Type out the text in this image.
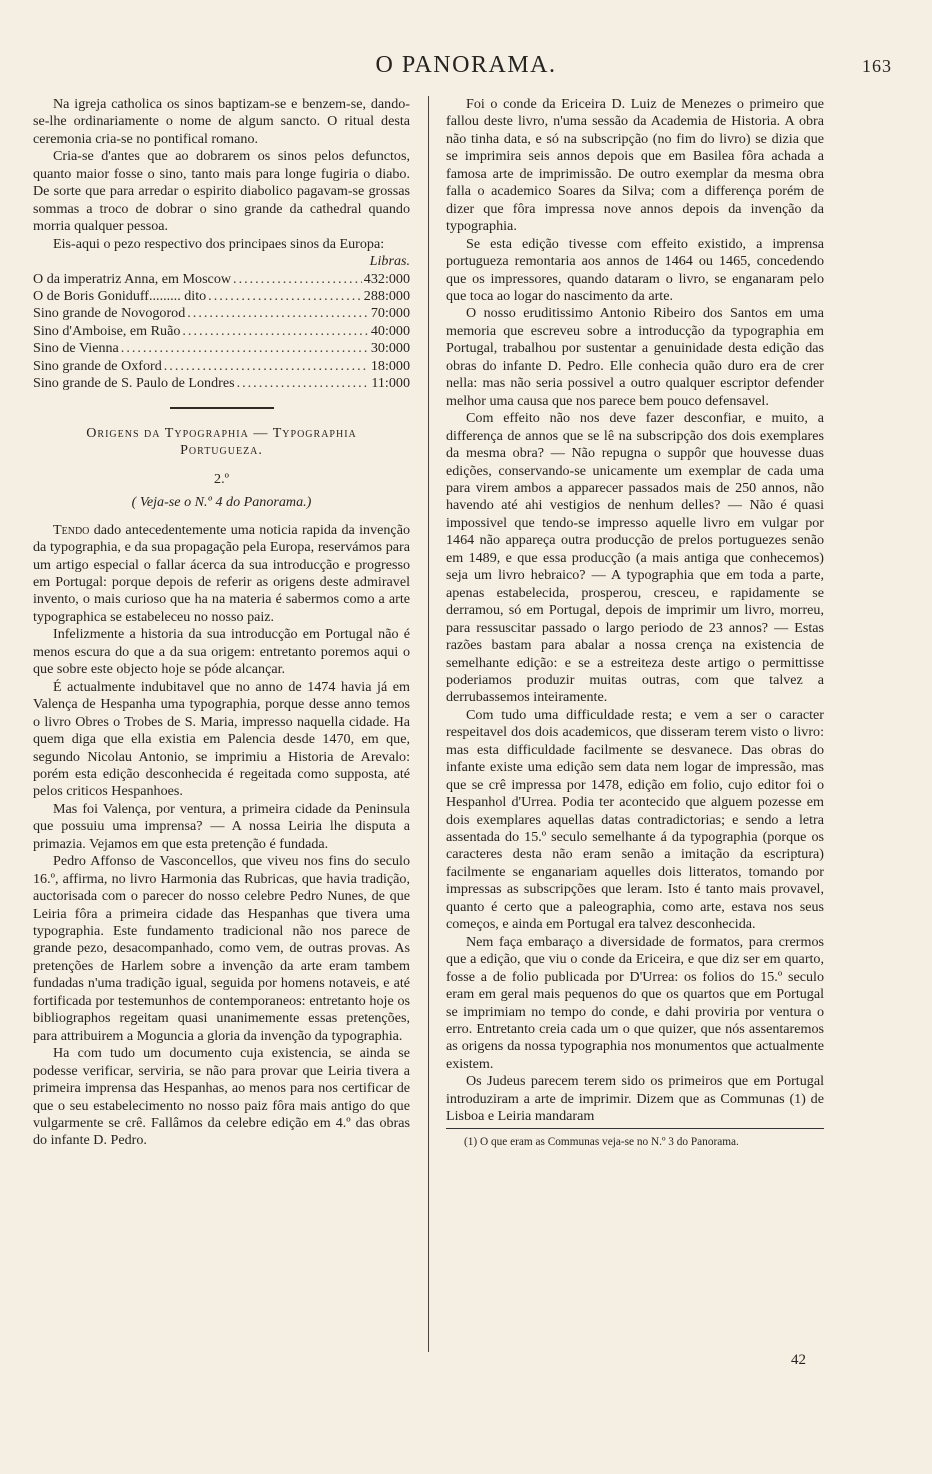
O PANORAMA.	163

Na igreja catholica os sinos baptizam-se e benzem-se, dando-se-lhe ordinariamente o nome de algum sancto. O ritual desta ceremonia cria-se no pontifical romano.

Cria-se d'antes que ao dobrarem os sinos pelos defunctos, quanto maior fosse o sino, tanto mais para longe fugiria o diabo. De sorte que para arredar o espirito diabolico pagavam-se grossas sommas a troco de dobrar o sino grande da cathedral quando morria qualquer pessoa.

Eis-aqui o pezo respectivo dos principaes sinos da Europa:

Libras.
O da imperatriz Anna, em Moscow .....	432:000
O de Boris Goniduff......... dito .....	288:000
Sino grande de Novogorod .....	70:000
Sino d'Amboise, em Ruão .....	40:000
Sino de Vienna .....	30:000
Sino grande de Oxford .....	18:000
Sino grande de S. Paulo de Londres .....	11:000
Origens da Typographia — Typographia
Portugueza.
2.º
( Veja-se o N.º 4 do Panorama.)

Tendo dado antecedentemente uma noticia rapida da invenção da typographia, e da sua propagação pela Europa, reservámos para um artigo especial o fallar ácerca da sua introducção e progresso em Portugal: porque depois de referir as origens deste admiravel invento, o mais curioso que ha na materia é sabermos como a arte typographica se estabeleceu no nosso paiz.

Infelizmente a historia da sua introducção em Portugal não é menos escura do que a da sua origem: entretanto poremos aqui o que sobre este objecto hoje se póde alcançar.

É actualmente indubitavel que no anno de 1474 havia já em Valença de Hespanha uma typographia, porque desse anno temos o livro Obres o Trobes de S. Maria, impresso naquella cidade. Ha quem diga que ella existia em Palencia desde 1470, em que, segundo Nicolau Antonio, se imprimiu a Historia de Arevalo: porém esta edição desconhecida é regeitada como supposta, até pelos criticos Hespanhoes.

Mas foi Valença, por ventura, a primeira cidade da Peninsula que possuiu uma imprensa? — A nossa Leiria lhe disputa a primazia. Vejamos em que esta pretenção é fundada.

Pedro Affonso de Vasconcellos, que viveu nos fins do seculo 16.º, affirma, no livro Harmonia das Rubricas, que havia tradição, auctorisada com o parecer do nosso celebre Pedro Nunes, de que Leiria fôra a primeira cidade das Hespanhas que tivera uma typographia. Este fundamento tradicional não nos parece de grande pezo, desacompanhado, como vem, de outras provas. As pretenções de Harlem sobre a invenção da arte eram tambem fundadas n'uma tradição igual, seguida por homens notaveis, e até fortificada por testemunhos de contemporaneos: entretanto hoje os bibliographos regeitam quasi unanimemente essas pretenções, para attribuirem a Moguncia a gloria da invenção da typographia.

Ha com tudo um documento cuja existencia, se ainda se podesse verificar, serviria, se não para provar que Leiria tivera a primeira imprensa das Hespanhas, ao menos para nos certificar de que o seu estabelecimento no nosso paiz fôra mais antigo do que vulgarmente se crê. Fallâmos da celebre edição em 4.º das obras do infante D. Pedro.

Foi o conde da Ericeira D. Luiz de Menezes o primeiro que fallou deste livro, n'uma sessão da Academia de Historia. A obra não tinha data, e só na subscripção (no fim do livro) se dizia que se imprimira seis annos depois que em Basilea fôra achada a famosa arte de imprimissão. De outro exemplar da mesma obra falla o academico Soares da Silva; com a differença porém de dizer que fôra impressa nove annos depois da invenção da typographia.

Se esta edição tivesse com effeito existido, a imprensa portugueza remontaria aos annos de 1464 ou 1465, concedendo que os impressores, quando dataram o livro, se enganaram pelo que toca ao logar do nascimento da arte.

O nosso eruditissimo Antonio Ribeiro dos Santos em uma memoria que escreveu sobre a introducção da typographia em Portugal, trabalhou por sustentar a genuinidade desta edição das obras do infante D. Pedro. Elle conhecia quão duro era de crer nella: mas não seria possivel a outro qualquer escriptor defender melhor uma causa que nos parece bem pouco defensavel.

Com effeito não nos deve fazer desconfiar, e muito, a differença de annos que se lê na subscripção dos dois exemplares da mesma obra? — Não repugna o suppôr que houvesse duas edições, conservando-se unicamente um exemplar de cada uma para virem ambos a apparecer passados mais de 250 annos, não havendo até ahi vestigios de nenhum delles? — Não é quasi impossivel que tendo-se impresso aquelle livro em vulgar por 1464 não appareça outra producção de prelos portuguezes senão em 1489, e que essa producção (a mais antiga que conhecemos) seja um livro hebraico? — A typographia que em toda a parte, apenas estabelecida, prosperou, cresceu, e rapidamente se derramou, só em Portugal, depois de imprimir um livro, morreu, para ressuscitar passado o largo periodo de 23 annos? — Estas razões bastam para abalar a nossa crença na existencia de semelhante edição: e se a estreiteza deste artigo o permittisse poderiamos produzir muitas outras, com que talvez a derrubassemos inteiramente.

Com tudo uma difficuldade resta; e vem a ser o caracter respeitavel dos dois academicos, que disseram terem visto o livro: mas esta difficuldade facilmente se desvanece. Das obras do infante existe uma edição sem data nem logar de impressão, mas que se crê impressa por 1478, edição em folio, cujo editor foi o Hespanhol d'Urrea. Podia ter acontecido que alguem pozesse em dois exemplares aquellas datas contradictorias; e sendo a letra assentada do 15.º seculo semelhante á da typographia (porque os caracteres desta não eram senão a imitação da escriptura) facilmente se enganariam aquelles dois litteratos, tomando por impressas as subscripções que leram. Isto é tanto mais provavel, quanto é certo que a paleographia, como arte, estava nos seus começos, e ainda em Portugal era talvez desconhecida.

Nem faça embaraço a diversidade de formatos, para crermos que a edição, que viu o conde da Ericeira, e que diz ser em quarto, fosse a de folio publicada por D'Urrea: os folios do 15.º seculo eram em geral mais pequenos do que os quartos que em Portugal se imprimiam no tempo do conde, e dahi proviria por ventura o erro. Entretanto creia cada um o que quizer, que nós assentaremos as origens da nossa typographia nos monumentos que actualmente existem.

Os Judeus parecem terem sido os primeiros que em Portugal introduziram a arte de imprimir. Dizem que as Communas (1) de Lisboa e Leiria mandaram

(1) O que eram as Communas veja-se no N.º 3 do Panorama.
42
